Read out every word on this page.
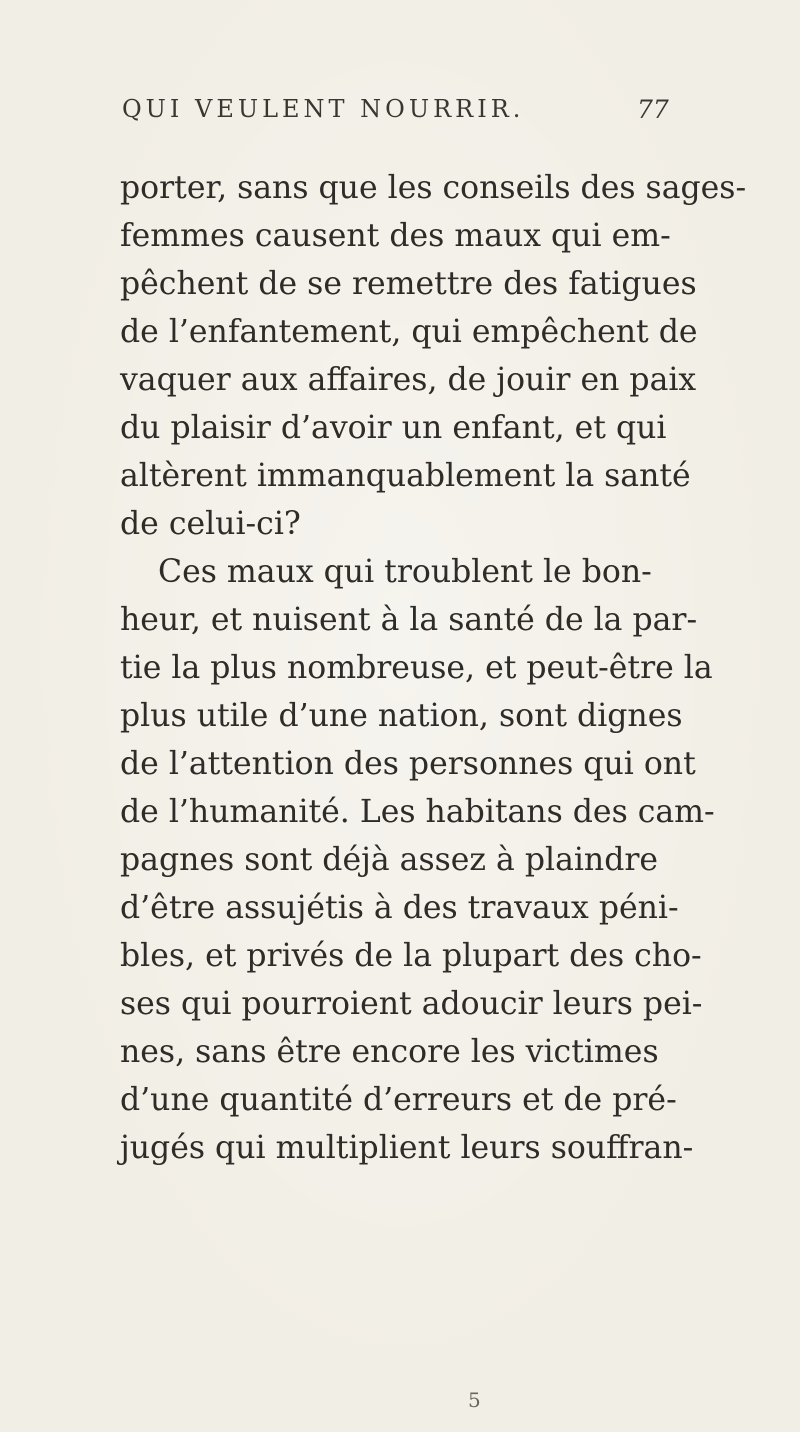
QUI VEULENT NOURRIR.	77
porter, sans que les conseils des sages-
femmes causent des maux qui em-
pêchent de se remettre des fatigues
de l’enfantement, qui empêchent de
vaquer aux affaires, de jouir en paix
du plaisir d’avoir un enfant, et qui
altèrent immanquablement la santé
de celui-ci?
Ces maux qui troublent le bon-
heur, et nuisent à la santé de la par-
tie la plus nombreuse, et peut-être la
plus utile d’une nation, sont dignes
de l’attention des personnes qui ont
de l’humanité. Les habitans des cam-
pagnes sont déjà assez à plaindre
d’être assujétis à des travaux péni-
bles, et privés de la plupart des cho-
ses qui pourroient adoucir leurs pei-
nes, sans être encore les victimes
d’une quantité d’erreurs et de pré-
jugés qui multiplient leurs souffran-
5
